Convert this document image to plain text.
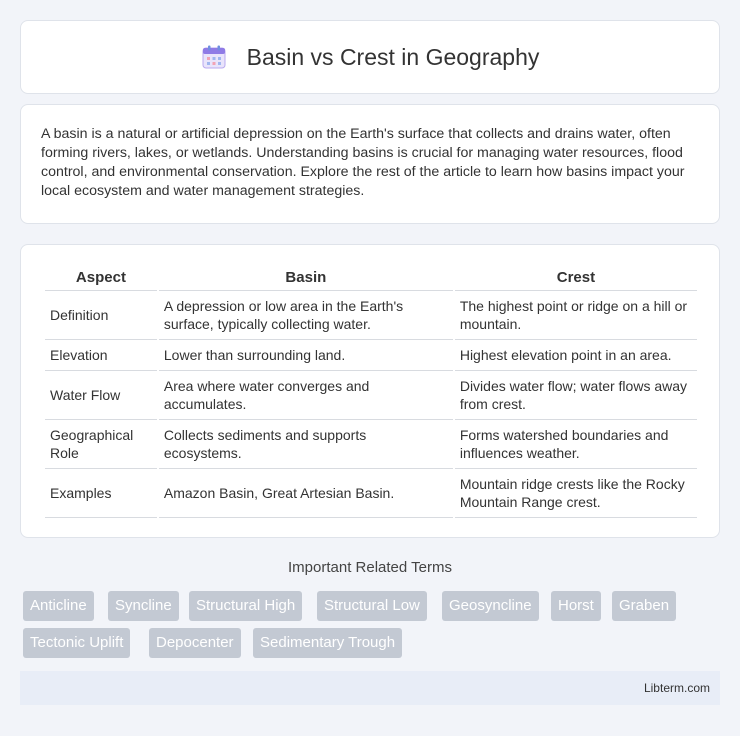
Basin vs Crest in Geography

A basin is a natural or artificial depression on the Earth's surface that collects and drains water, often forming rivers, lakes, or wetlands. Understanding basins is crucial for managing water resources, flood control, and environmental conservation. Explore the rest of the article to learn how basins impact your local ecosystem and water management strategies.

Aspect	Basin	Crest
Definition	A depression or low area in the Earth's surface, typically collecting water.	The highest point or ridge on a hill or mountain.
Elevation	Lower than surrounding land.	Highest elevation point in an area.
Water Flow	Area where water converges and accumulates.	Divides water flow; water flows away from crest.
Geographical Role	Collects sediments and supports ecosystems.	Forms watershed boundaries and influences weather.
Examples	Amazon Basin, Great Artesian Basin.	Mountain ridge crests like the Rocky Mountain Range crest.
Important Related Terms
Anticline	Syncline	Structural High	Structural Low	Geosyncline	Horst	Graben
Tectonic Uplift	Depocenter	Sedimentary Trough
Libterm.com
